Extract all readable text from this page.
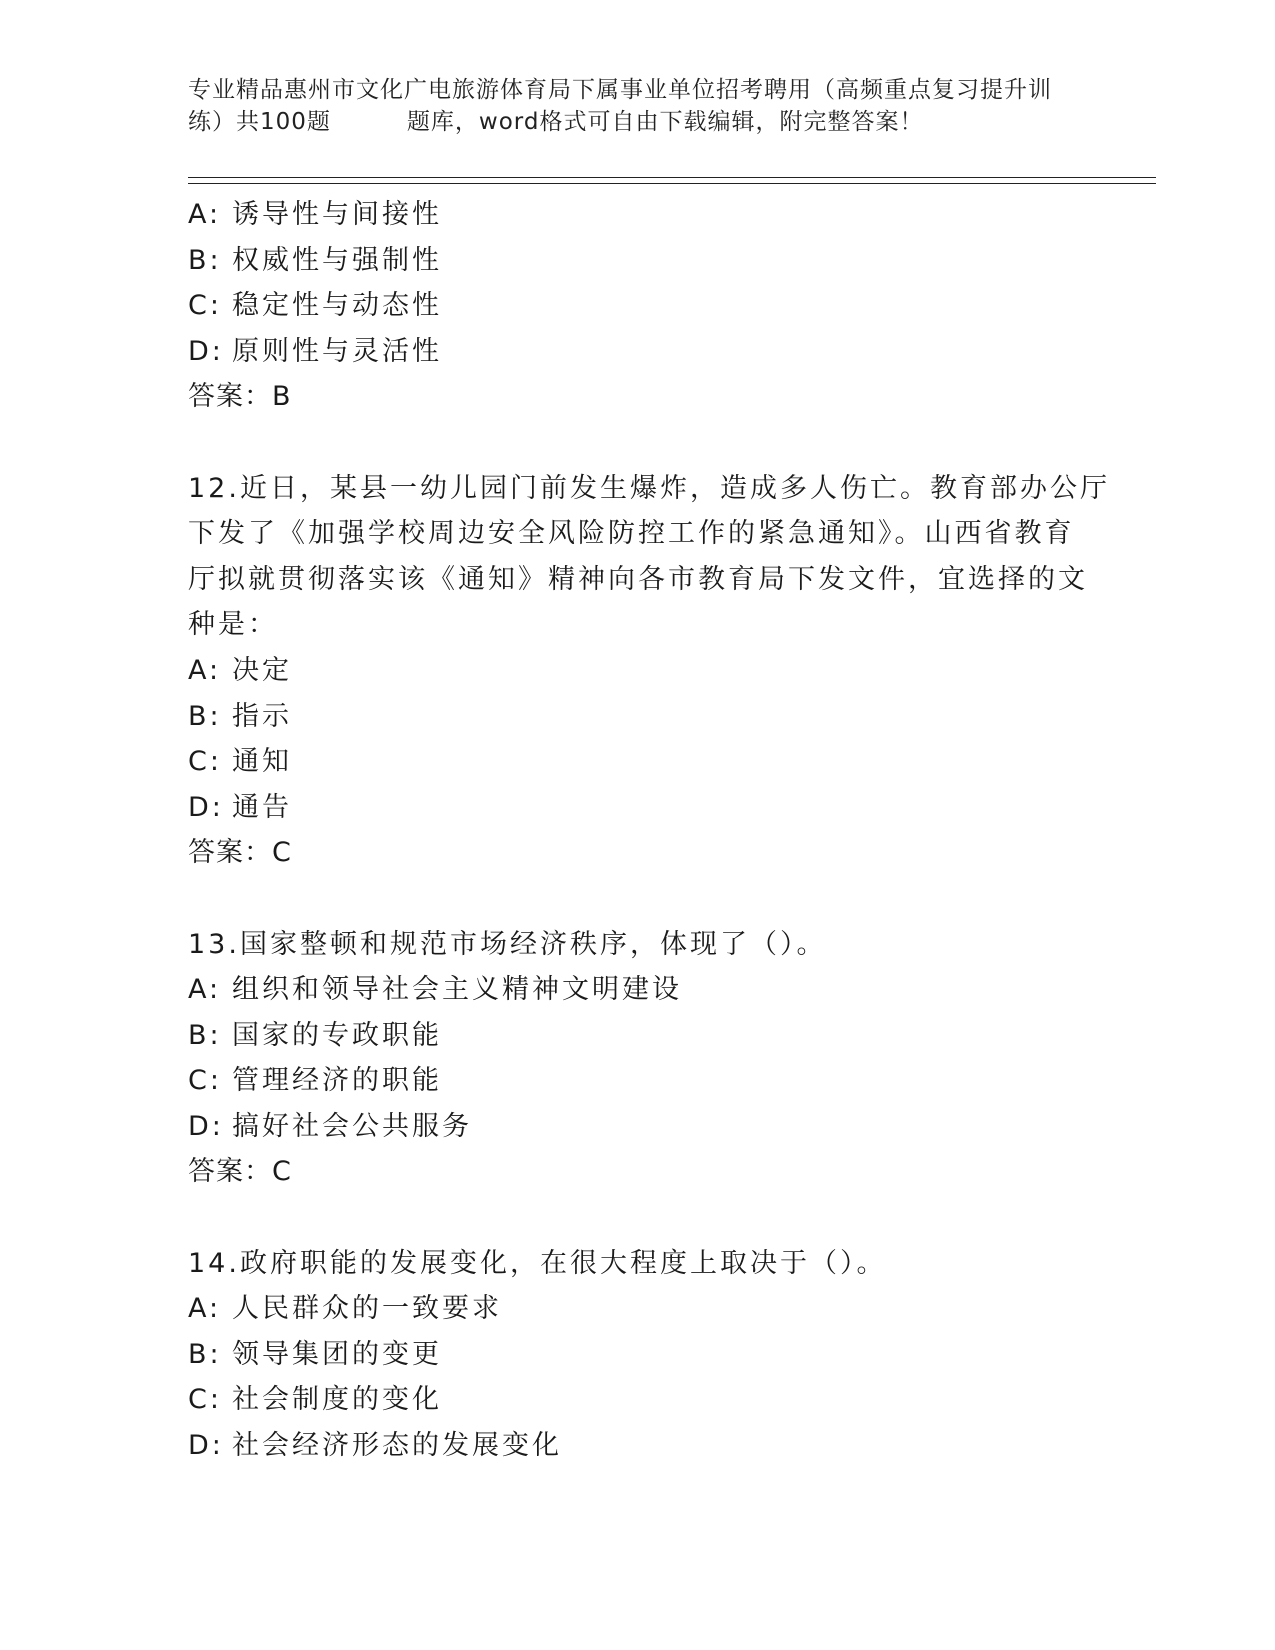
专业精品惠州市文化广电旅游体育局下属事业单位招考聘用（高频重点复习提升训
练）共100题	题库，word格式可自由下载编辑，附完整答案！
A: 诱导性与间接性
B: 权威性与强制性
C: 稳定性与动态性
D: 原则性与灵活性
答案：B
12.近日，某县一幼儿园门前发生爆炸，造成多人伤亡。教育部办公厅
下发了《加强学校周边安全风险防控工作的紧急通知》。山西省教育
厅拟就贯彻落实该《通知》精神向各市教育局下发文件，宜选择的文
种是：
A: 决定
B: 指示
C: 通知
D: 通告
答案：C
13.国家整顿和规范市场经济秩序，体现了（）。
A: 组织和领导社会主义精神文明建设
B: 国家的专政职能
C: 管理经济的职能
D: 搞好社会公共服务
答案：C
14.政府职能的发展变化，在很大程度上取决于（）。
A: 人民群众的一致要求
B: 领导集团的变更
C: 社会制度的变化
D: 社会经济形态的发展变化
